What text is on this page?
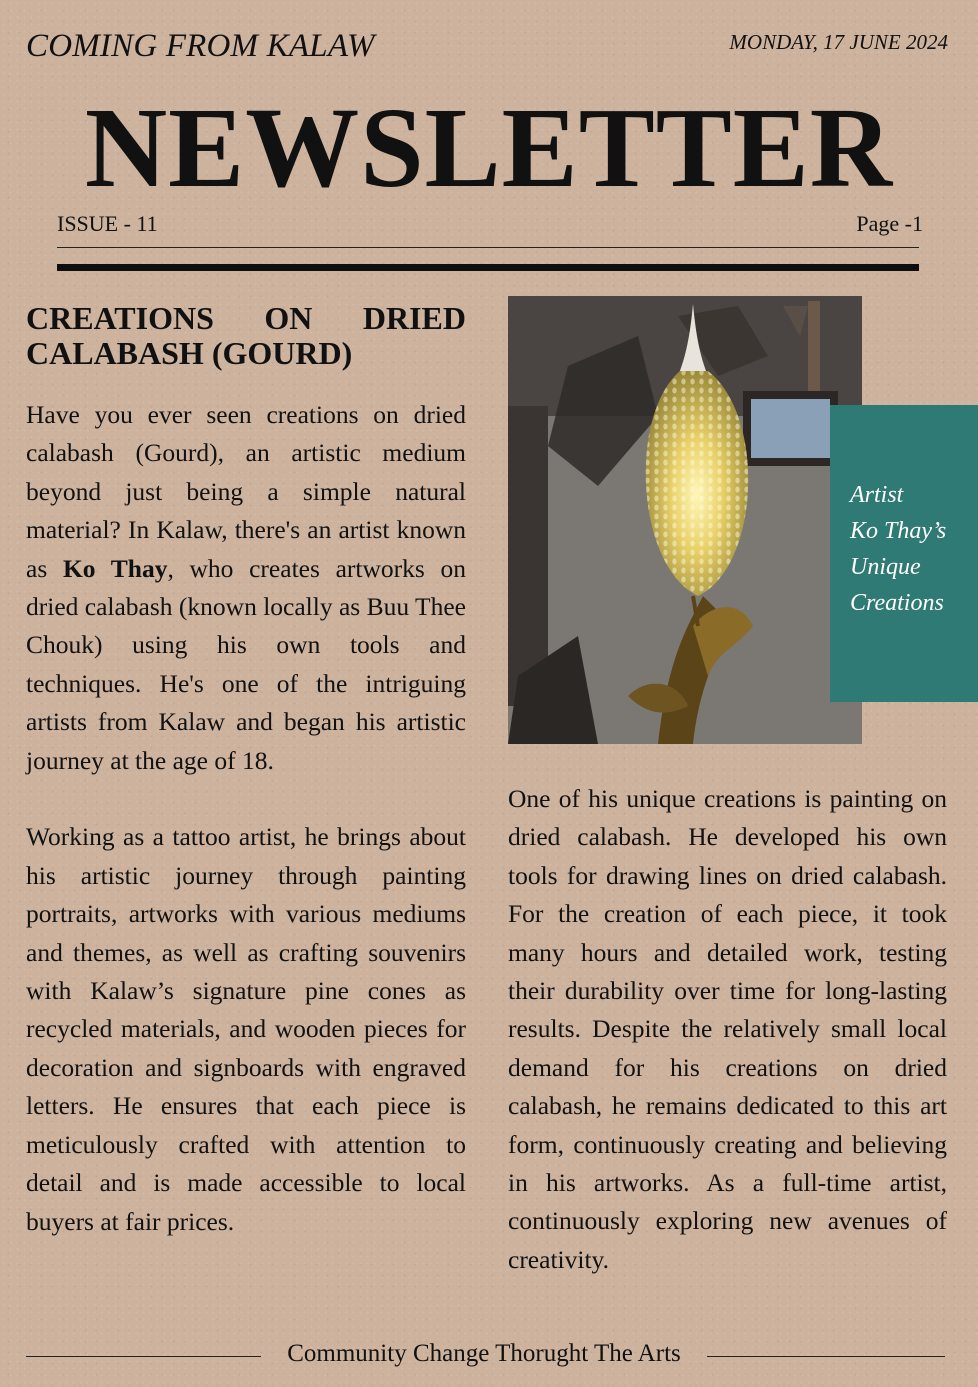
COMING FROM KALAW	MONDAY, 17 JUNE 2024
NEWSLETTER
ISSUE - 11	Page -1
CREATIONS ON DRIED CALABASH (GOURD)

Have you ever seen creations on dried calabash (Gourd), an artistic medium beyond just being a simple natural material? In Kalaw, there's an artist known as Ko Thay, who creates artworks on dried calabash (known locally as Buu Thee Chouk) using his own tools and techniques. He's one of the intriguing artists from Kalaw and began his artistic journey at the age of 18.

Working as a tattoo artist, he brings about his artistic journey through painting portraits, artworks with various mediums and themes, as well as crafting souvenirs with Kalaw’s signature pine cones as recycled materials, and wooden pieces for decoration and signboards with engraved letters. He ensures that each piece is meticulously crafted with attention to detail and is made accessible to local buyers at fair prices.

Artist
Ko Thay’s
Unique
Creations

One of his unique creations is painting on dried calabash. He developed his own tools for drawing lines on dried calabash. For the creation of each piece, it took many hours and detailed work, testing their durability over time for long-lasting results. Despite the relatively small local demand for his creations on dried calabash, he remains dedicated to this art form, continuously creating and believing in his artworks. As a full-time artist, continuously exploring new avenues of creativity.

Community Change Thorught The Arts
